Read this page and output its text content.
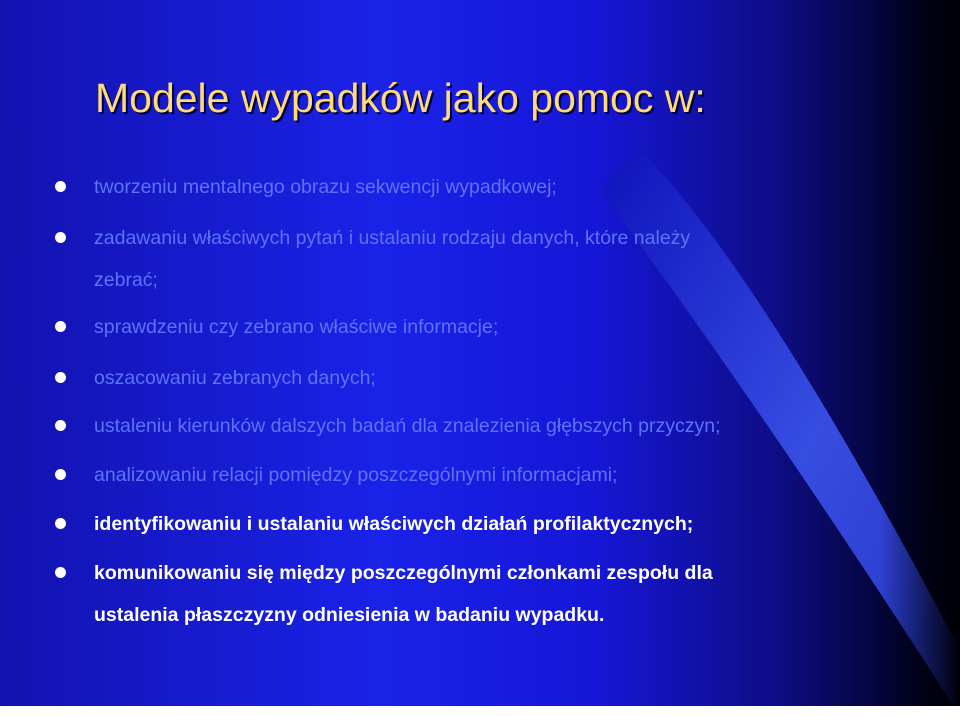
Modele wypadków jako pomoc w:
tworzeniu mentalnego obrazu sekwencji wypadkowej;
zadawaniu właściwych pytań i ustalaniu rodzaju danych, które należy
zebrać;
sprawdzeniu czy zebrano właściwe informacje;
oszacowaniu zebranych danych;
ustaleniu kierunków dalszych badań dla znalezienia głębszych przyczyn;
analizowaniu relacji pomiędzy poszczególnymi informacjami;
identyfikowaniu i ustalaniu właściwych działań profilaktycznych;
komunikowaniu się między poszczególnymi członkami zespołu dla
ustalenia płaszczyzny odniesienia w badaniu wypadku.
